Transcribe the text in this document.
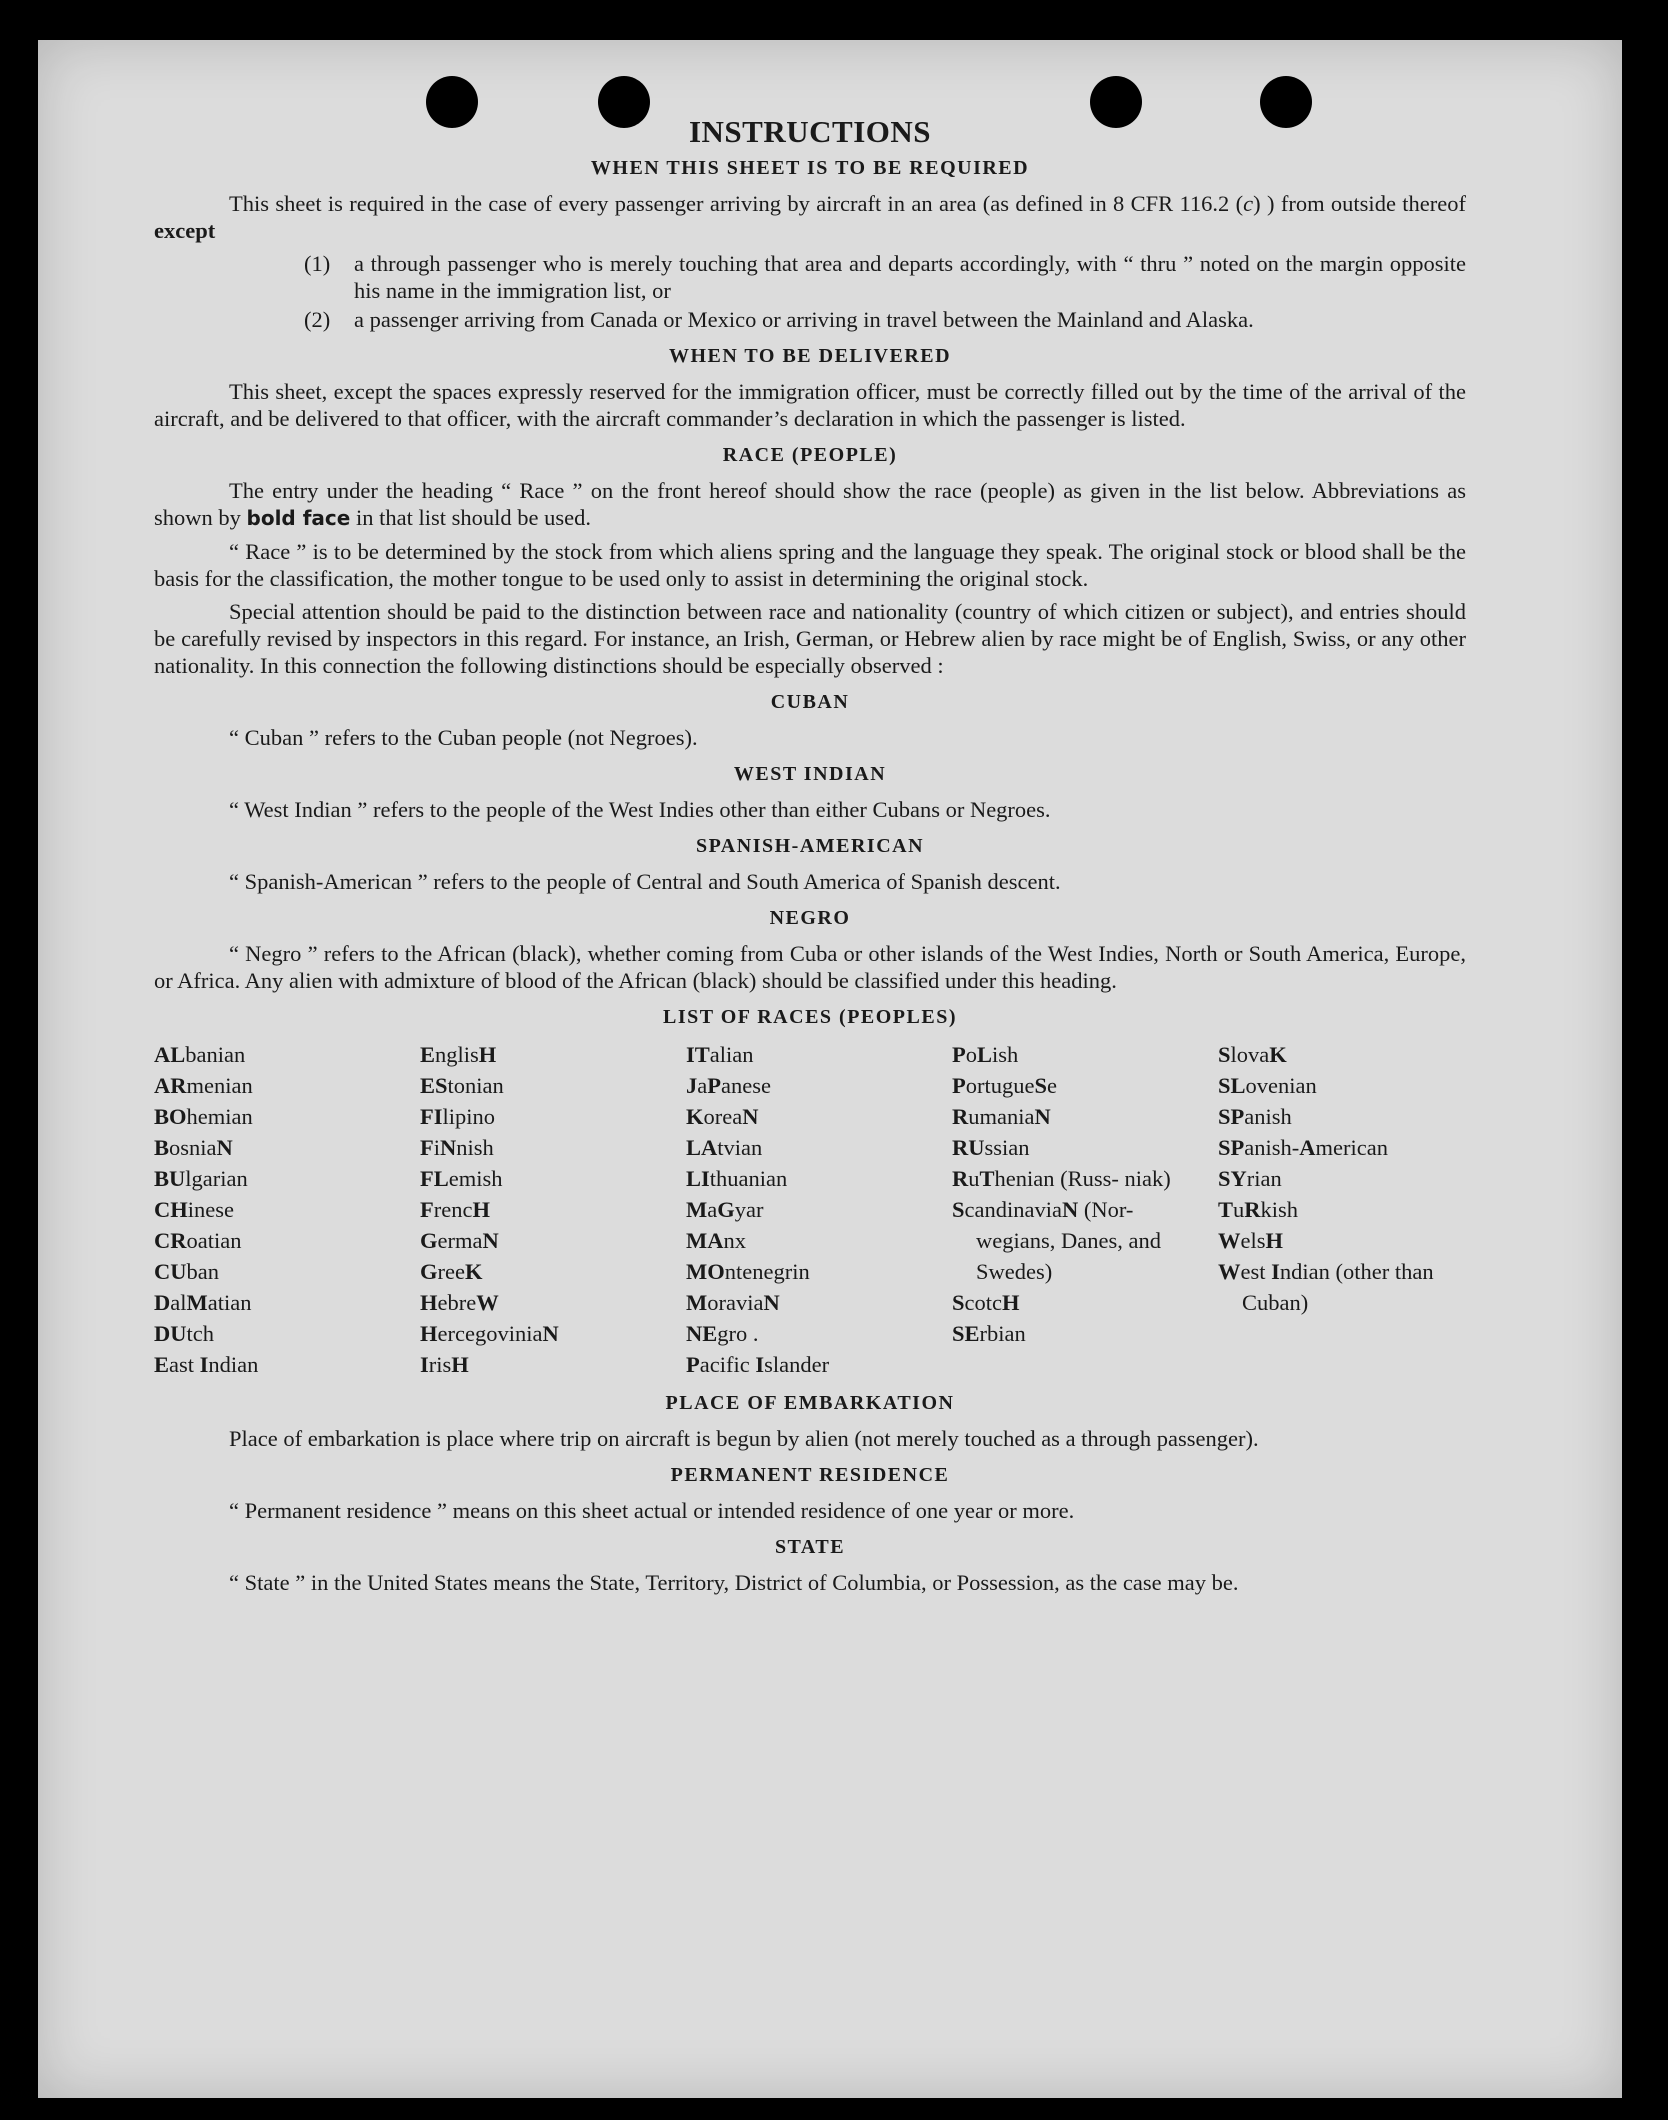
INSTRUCTIONS
WHEN THIS SHEET IS TO BE REQUIRED
This sheet is required in the case of every passenger arriving by aircraft in an area (as defined in 8 CFR 116.2 (c) ) from outside thereof except
(1) a through passenger who is merely touching that area and departs accordingly, with “ thru ” noted on the margin opposite his name in the immigration list, or
(2) a passenger arriving from Canada or Mexico or arriving in travel between the Mainland and Alaska.
WHEN TO BE DELIVERED
This sheet, except the spaces expressly reserved for the immigration officer, must be correctly filled out by the time of the arrival of the aircraft, and be delivered to that officer, with the aircraft commander’s declaration in which the passenger is listed.
RACE (PEOPLE)
The entry under the heading “ Race ” on the front hereof should show the race (people) as given in the list below. Abbreviations as shown by bold face in that list should be used.
“ Race ” is to be determined by the stock from which aliens spring and the language they speak. The original stock or blood shall be the basis for the classification, the mother tongue to be used only to assist in determining the original stock.
Special attention should be paid to the distinction between race and nationality (country of which citizen or subject), and entries should be carefully revised by inspectors in this regard. For instance, an Irish, German, or Hebrew alien by race might be of English, Swiss, or any other nationality. In this connection the following distinctions should be especially observed :
CUBAN
“ Cuban ” refers to the Cuban people (not Negroes).
WEST INDIAN
“ West Indian ” refers to the people of the West Indies other than either Cubans or Negroes.
SPANISH-AMERICAN
“ Spanish-American ” refers to the people of Central and South America of Spanish descent.
NEGRO
“ Negro ” refers to the African (black), whether coming from Cuba or other islands of the West Indies, North or South America, Europe, or Africa. Any alien with admixture of blood of the African (black) should be classified under this heading.
LIST OF RACES (PEOPLES)
ALbanian
ARmenian
BOhemian
BosniaN
BUlgarian
CHinese
CRoatian
CUban
DalMatian
DUtch
East Indian
EnglisH
EStonian
FIlipino
FiNnish
FLemish
FrencH
GermaN
GreeK
HebreW
HercegoviniaN
IrisH
ITalian
JaPanese
KoreaN
LAtvian
LIthuanian
MaGyar
MAnx
MOntenegrin
MoraviaN
NEgro .
Pacific Islander
PoLish
PortugueSe
RumaniaN
RUssian
RuThenian (Russ- niak)
ScandinaviaN (Nor- wegians, Danes, and Swedes)
ScotcH
SErbian
SlovaK
SLovenian
SPanish
SPanish-American
SYrian
TuRkish
WelsH
West Indian (other than Cuban)
PLACE OF EMBARKATION
Place of embarkation is place where trip on aircraft is begun by alien (not merely touched as a through passenger).
PERMANENT RESIDENCE
“ Permanent residence ” means on this sheet actual or intended residence of one year or more.
STATE
“ State ” in the United States means the State, Territory, District of Columbia, or Possession, as the case may be.
